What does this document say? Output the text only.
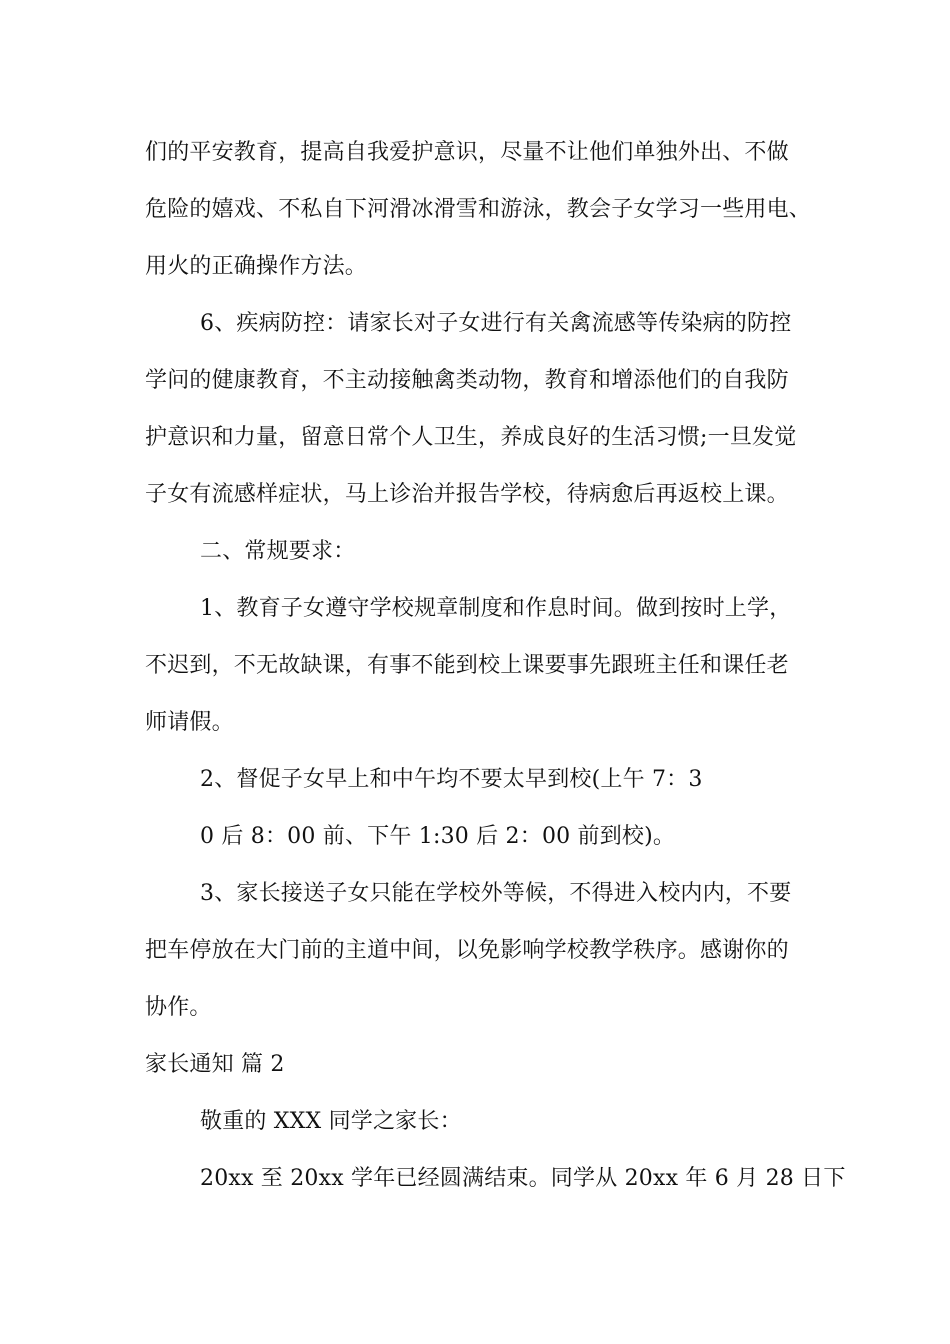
们的平安教育，提高自我爱护意识，尽量不让他们单独外出、不做
危险的嬉戏、不私自下河滑冰滑雪和游泳，教会子女学习一些用电、
用火的正确操作方法。
6、疾病防控：请家长对子女进行有关禽流感等传染病的防控
学问的健康教育，不主动接触禽类动物，教育和增添他们的自我防
护意识和力量，留意日常个人卫生，养成良好的生活习惯;一旦发觉
子女有流感样症状，马上诊治并报告学校，待病愈后再返校上课。
二、常规要求：
1、教育子女遵守学校规章制度和作息时间。做到按时上学，
不迟到，不无故缺课，有事不能到校上课要事先跟班主任和课任老
师请假。
2、督促子女早上和中午均不要太早到校(上午 7：3
0 后 8：00 前、下午 1:30 后 2：00 前到校)。
3、家长接送子女只能在学校外等候，不得进入校内内，不要
把车停放在大门前的主道中间，以免影响学校教学秩序。感谢你的
协作。
家长通知 篇 2
敬重的 XXX 同学之家长：
20xx 至 20xx 学年已经圆满结束。同学从 20xx 年 6 月 28 日下
